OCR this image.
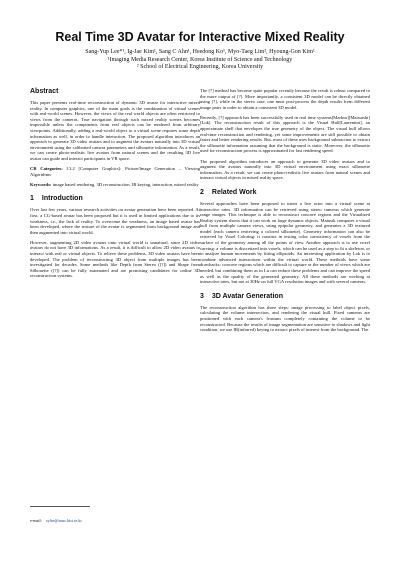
Real Time 3D Avatar for Interactive Mixed Reality
Sang-Yup Lee*¹, Ig-Jae Kim¹, Sang C Ahn¹, Heedong Ko¹, Myo-Taeg Lim², Hyoung-Gon Kim¹
¹Imaging Media Research Center, Korea Institute of Science and Technology
² School of Electrical Engineering, Korea University
Abstract

This paper presents real-time reconstruction of dynamic 3D avatar for interactive mixed reality. In computer graphics, one of the main goals is the combination of virtual scenes with real-world scenes. However, the views of the real world objects are often restricted to views from the cameras. True navigation through such mixed reality scenes becomes impossible unless the components from real objects can be rendered from arbitrary viewpoints. Additionally, adding a real-world object to a virtual scene requires some depth information as well, in order to handle interaction. The proposed algorithm introduces an approach to generate 3D video avatars and to augment the avatars naturally into 3D virtual environment using the calibrated camera parameters and silhouette information. As a result, we can create photo-realistic live avatars from natural scenes and the resulting 3D live avatar can guide and interact participants in VR space.

CR Categories: I.3.2 [Computer Graphics]: Picture/Image Generation – Viewing Algorithms
Keywords: image based rendering, 3D reconstruction, IR keying, interaction, mixed reality
1 Introduction

Over last few years, various research activities on avatar generation have been reported. At first, a CG-based avatar has been proposed but it is used in limited applications due to its weakness, i.e., the lack of reality. To overcome the weakness, an image based avatar has been developed, where the texture of the avatar is segmented from background image and then augmented into virtual world.

However, augmenting 2D video avatars onto virtual world is unnatural, since 2D video avatars do not have 3D informations. As a result, it is difficult to allow 2D video avatars to interact with real or virtual objects. To relieve these problems, 3D video avatars have been developed. The problem of reconstructing 3D object from multiple images has been investigated for decades. Some methods like Depth from Stereo ([?]) and Shape from Silhouette ([?]) can be fully automated and are promising candidates for online 3D reconstruction systems.

e-mail: sylee@imrc.kist.re.kr

The [?] method has become quite popular recently because the result is robust compared to the more output of [?]. More importantly, a consistent 3D model can be directly obtained using [?], while in the stereo case, one must post-process the depth results from different image pairs in order to obtain a consistent 3D model.

Recently, [?] approach has been successfully used in real time systems[Markus][Matsuishi][Lok]. The reconstruction result of this approach is the Visual Hull[Laurentini], an approximate shell that envelopes the true geometry of the object. The visual hull allows real-time reconstruction and rendering, yet some improvements are still possible to obtain faster and better rendering results. But, most of these uses background subtraction to extract the silhouette information assuming that the background is static. Moreover, the silhouette used for reconstruction process is approximated for fast rendering speed.

The proposed algorithm introduces an approach to generate 3D video avatars and to augment the avatars naturally into 3D virtual environment using exact silhouette information. As a result, we can create photo-realistic live avatars from natural scenes and interact virtual objects in mixed reality space.

2 Related Work

Several approaches have been proposed to insert a live actor into a virtual scene at interactive rates. 3D information can be retrieved using stereo cameras which generate range images. This technique is able to reconstruct concave regions and the Virtualized Reality system shows that it can work on large dynamic objects. Matusik computes a visual hull from multiple camera views, using epipolar geometry, and generates a 3D textured model (each camera retrieving a colored silhouette). Geometry information can also be retrieved by Voxel Coloring: it consists in testing color consistency of voxels from the surface of the geometry among all the points of view. Another approach is to use voxel carving: a volume is discretized into voxels, which can be used as a step to fit a skeleton, or to analyze human movements by fitting ellipsoids. An interesting application by Lok is to combine advanced interactions within the virtual world. These methods have some drawbacks: concave regions which are difficult to capture or the number of views which are needed, but combining them as in Lu can reduce these problems and can improve the speed as well as the quality of the generated geometry. All these methods are working at interactive rates, but not at 30Hz on full VGA resolution images and with several cameras.

3 3D Avatar Generation

The reconstruction algorithm has three steps: image processing to label object pixels, calculating the volume intersection, and rendering the visual hull. Fixed cameras are positioned with each camera's frustum completely containing the volume to be reconstructed. Because the results of image segmentation are sensitive to shadows and light condition, we use IR(infrared) keying to extract pixels of interest from the background. The
